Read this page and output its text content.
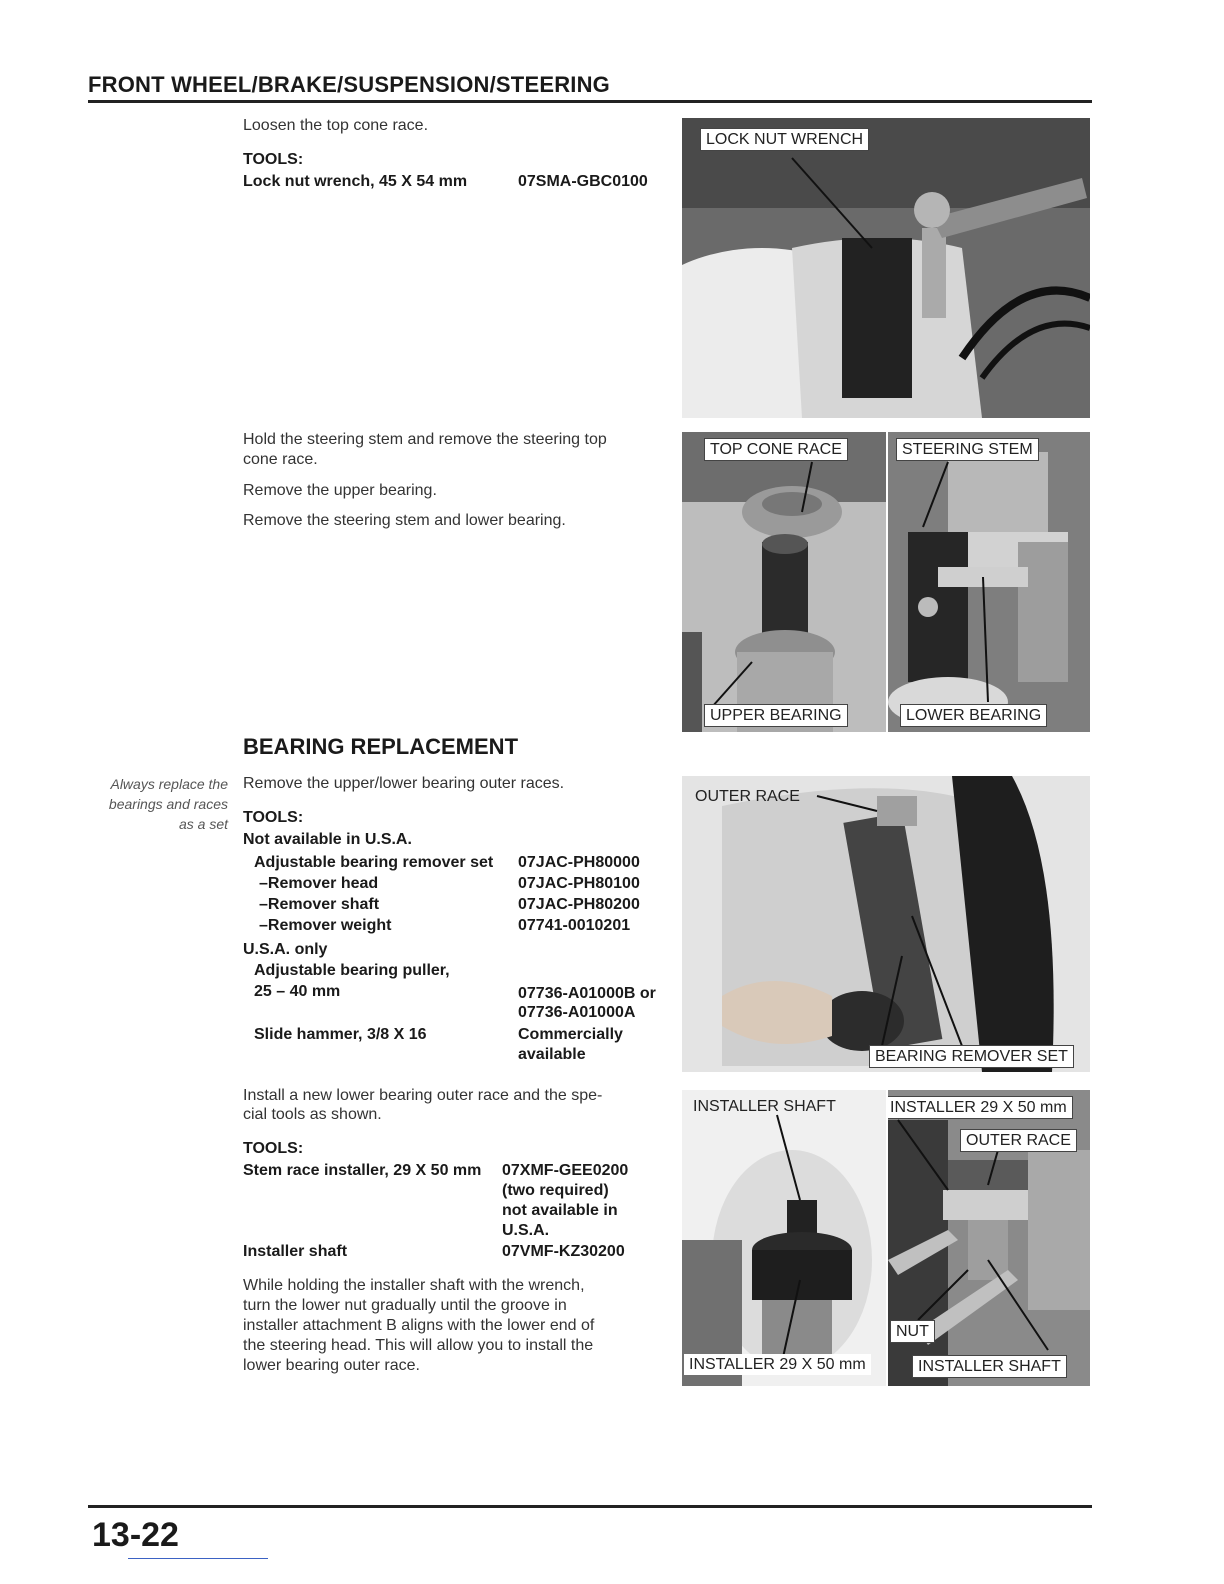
FRONT WHEEL/BRAKE/SUSPENSION/STEERING
Loosen the top cone race.
TOOLS:
Lock nut wrench, 45 X 54 mm	07SMA-GBC0100
LOCK NUT WRENCH
Hold the steering stem and remove the steering top
cone race.
Remove the upper bearing.
Remove the steering stem and lower bearing.
TOP CONE RACE
UPPER BEARING
STEERING STEM
LOWER BEARING
BEARING REPLACEMENT
Always replace the
bearings and races
as a set
Remove the upper/lower bearing outer races.
TOOLS:
Not available in U.S.A.
Adjustable bearing remover set	07JAC-PH80000
–Remover head	07JAC-PH80100
–Remover shaft	07JAC-PH80200
–Remover weight	07741-0010201
U.S.A. only
Adjustable bearing puller,
25 – 40 mm	07736-A01000B or
07736-A01000A
Slide hammer, 3/8 X 16	Commercially
available
OUTER RACE
BEARING REMOVER SET
Install a new lower bearing outer race and the spe-
cial tools as shown.
TOOLS:
Stem race installer, 29 X 50 mm 07XMF-GEE0200
(two required)
not available in
U.S.A.
Installer shaft	07VMF-KZ30200
While holding the installer shaft with the wrench,
turn the lower nut gradually until the groove in
installer attachment B aligns with the lower end of
the steering head. This will allow you to install the
lower bearing outer race.
INSTALLER SHAFT
INSTALLER 29 X 50 mm
INSTALLER 29 X 50 mm
OUTER RACE
NUT
INSTALLER SHAFT
13-22
